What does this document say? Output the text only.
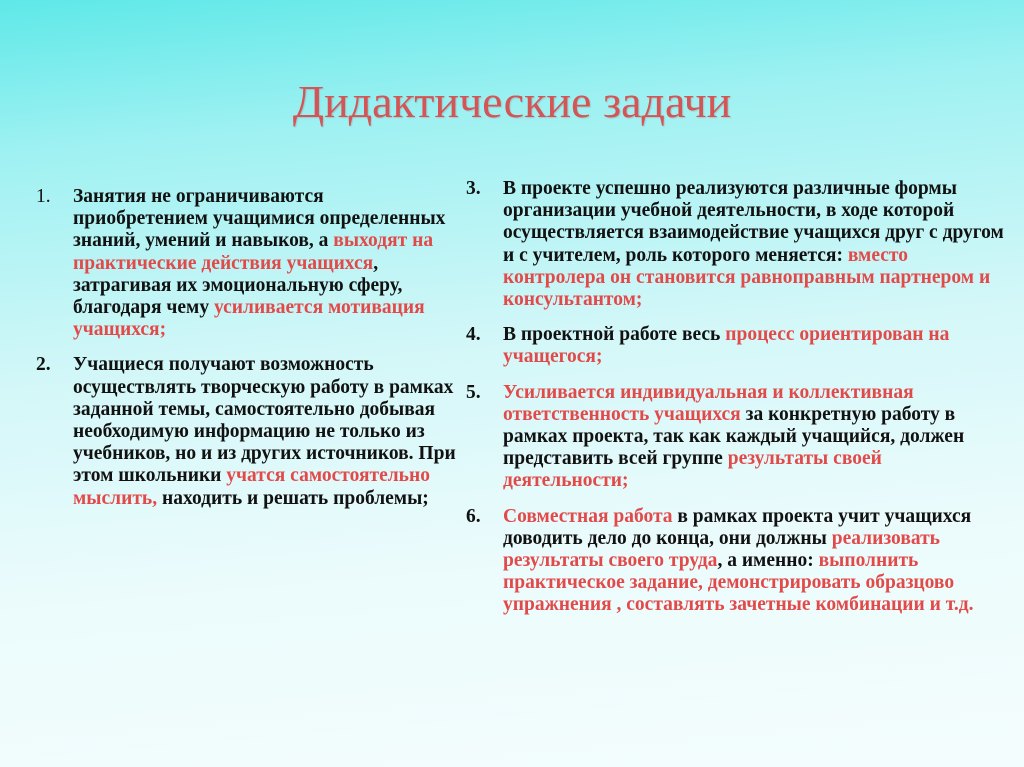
Дидактические задачи
1.	Занятия не ограничиваются приобретением учащимися определенных знаний, умений и навыков, а выходят на практические действия учащихся, затрагивая их эмоциональную сферу, благодаря чему усиливается мотивация учащихся;
2.	Учащиеся получают возможность осуществлять творческую работу в рамках заданной темы, самостоятельно добывая необходимую информацию не только из учебников, но и из других источников. При этом школьники учатся самостоятельно мыслить, находить и решать проблемы;
3.	В проекте успешно реализуются различные формы организации учебной деятельности, в ходе которой осуществляется взаимодействие учащихся друг с другом и с учителем, роль которого меняется: вместо контролера он становится равноправным партнером и консультантом;
4.	В проектной работе весь процесс ориентирован на учащегося;
5.	Усиливается индивидуальная и коллективная ответственность учащихся за конкретную работу в рамках проекта, так как каждый учащийся, должен представить всей группе результаты своей деятельности;
6.	Совместная работа в рамках проекта учит учащихся доводить дело до конца, они должны реализовать результаты своего труда, а именно: выполнить практическое задание, демонстрировать образцово упражнения , составлять зачетные комбинации и т.д.
